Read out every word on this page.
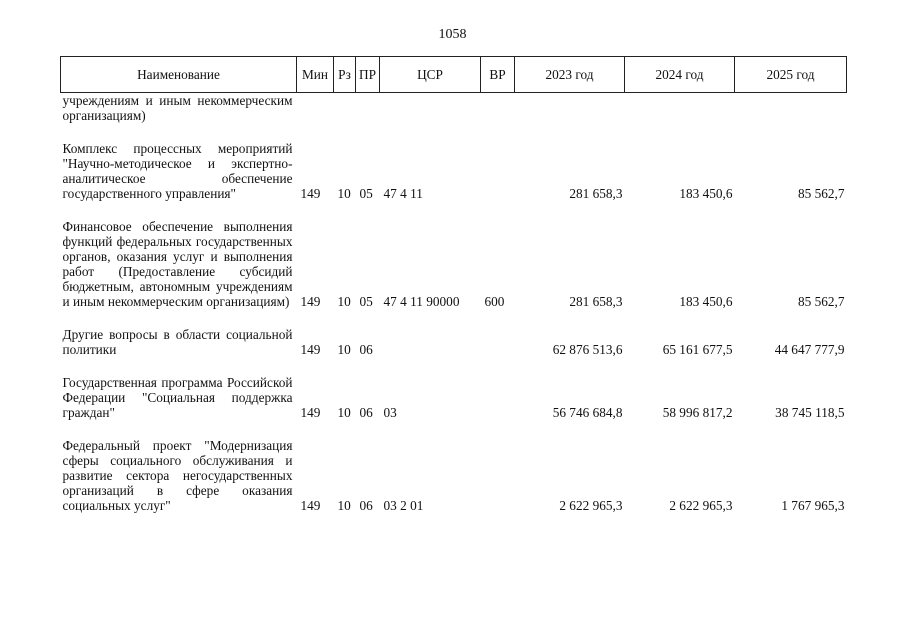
1058
Наименование	Мин	Рз	ПР	ЦСР	ВР	2023 год	2024 год	2025 год
учреждениям и иным некоммерческим организациям)								
Комплекс процессных мероприятий "Научно-методическое и экспертно-аналитическое обеспечение государственного управления"	149	10	05	47 4 11		281 658,3	183 450,6	85 562,7
Финансовое обеспечение выполнения функций федеральных государственных органов, оказания услуг и выполнения работ (Предоставление субсидий бюджетным, автономным учреждениям и иным некоммерческим организациям)	149	10	05	47 4 11 90000	600	281 658,3	183 450,6	85 562,7
Другие вопросы в области социальной политики	149	10	06			62 876 513,6	65 161 677,5	44 647 777,9
Государственная программа Российской Федерации "Социальная поддержка граждан"	149	10	06	03		56 746 684,8	58 996 817,2	38 745 118,5
Федеральный проект "Модернизация сферы социального обслуживания и развитие сектора негосударственных организаций в сфере оказания социальных услуг"	149	10	06	03 2 01		2 622 965,3	2 622 965,3	1 767 965,3
